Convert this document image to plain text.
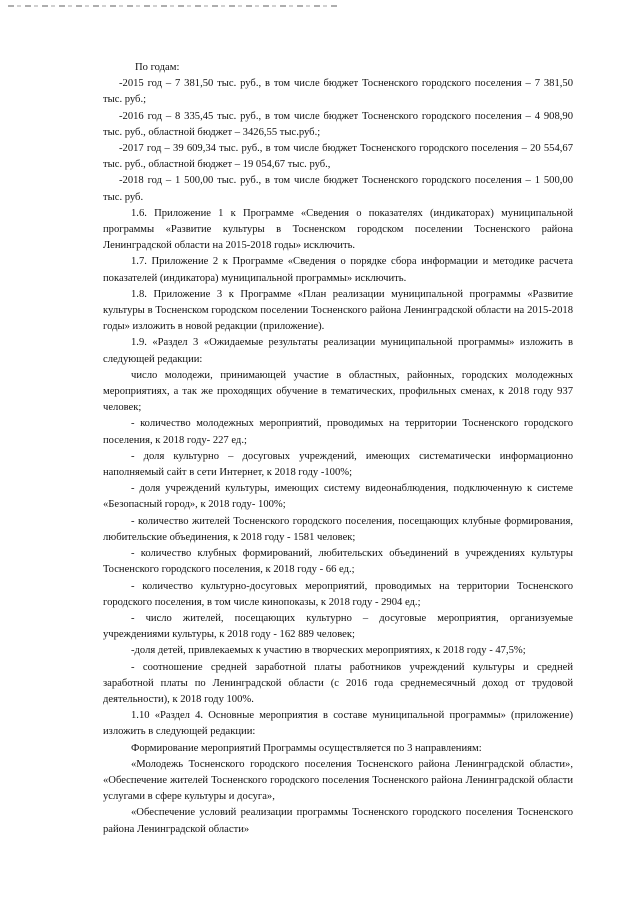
По годам:

-2015 год – 7 381,50 тыс. руб., в том числе бюджет Тосненского городского поселения – 7 381,50 тыс. руб.;

-2016 год – 8 335,45 тыс. руб., в том числе бюджет Тосненского городского поселения – 4 908,90 тыс. руб., областной бюджет – 3426,55 тыс.руб.;

-2017 год – 39 609,34 тыс. руб., в том числе бюджет Тосненского городского поселения – 20 554,67 тыс. руб., областной бюджет – 19 054,67 тыс. руб.,

-2018 год – 1 500,00 тыс. руб., в том числе бюджет Тосненского городского поселения – 1 500,00 тыс. руб.

1.6. Приложение 1 к Программе «Сведения о показателях (индикаторах) муниципальной программы «Развитие культуры в Тосненском городском поселении Тосненского района Ленинградской области на 2015-2018 годы» исключить.

1.7. Приложение 2 к Программе «Сведения о порядке сбора информации и методике расчета показателей (индикатора) муниципальной программы» исключить.

1.8. Приложение 3 к Программе «План реализации муниципальной программы «Развитие культуры в Тосненском городском поселении Тосненского района Ленинградской области на 2015-2018 годы» изложить в новой редакции (приложение).

1.9. «Раздел 3 «Ожидаемые результаты реализации муниципальной программы» изложить в следующей редакции:

число молодежи, принимающей участие в областных, районных, городских молодежных мероприятиях, а так же проходящих обучение в тематических, профильных сменах, к 2018 году 937 человек;

- количество молодежных мероприятий, проводимых на территории Тосненского городского поселения, к 2018 году- 227 ед.;

- доля культурно – досуговых учреждений, имеющих систематически информационно наполняемый сайт в сети Интернет, к 2018 году -100%;

- доля учреждений культуры, имеющих систему видеонаблюдения, подключенную к системе «Безопасный город», к 2018 году- 100%;

- количество жителей Тосненского городского поселения, посещающих клубные формирования, любительские объединения, к 2018 году - 1581 человек;

- количество клубных формирований, любительских объединений в учреждениях культуры Тосненского городского поселения, к 2018 году - 66 ед.;

- количество культурно-досуговых мероприятий, проводимых на территории Тосненского городского поселения, в том числе кинопоказы, к 2018 году - 2904 ед.;

- число жителей, посещающих культурно – досуговые мероприятия, организуемые учреждениями культуры, к 2018 году - 162 889 человек;

-доля детей, привлекаемых к участию в творческих мероприятиях, к 2018 году - 47,5%;

- соотношение средней заработной платы работников учреждений культуры и средней заработной платы по Ленинградской области (с 2016 года среднемесячный доход от трудовой деятельности), к 2018 году 100%.

1.10 «Раздел 4. Основные мероприятия в составе муниципальной программы» (приложение) изложить в следующей редакции:

Формирование мероприятий Программы осуществляется по 3 направлениям:

«Молодежь Тосненского городского поселения Тосненского района Ленинградской области», «Обеспечение жителей Тосненского городского поселения Тосненского района Ленинградской области услугами в сфере культуры и досуга»,

«Обеспечение условий реализации программы Тосненского городского поселения Тосненского района Ленинградской области»
